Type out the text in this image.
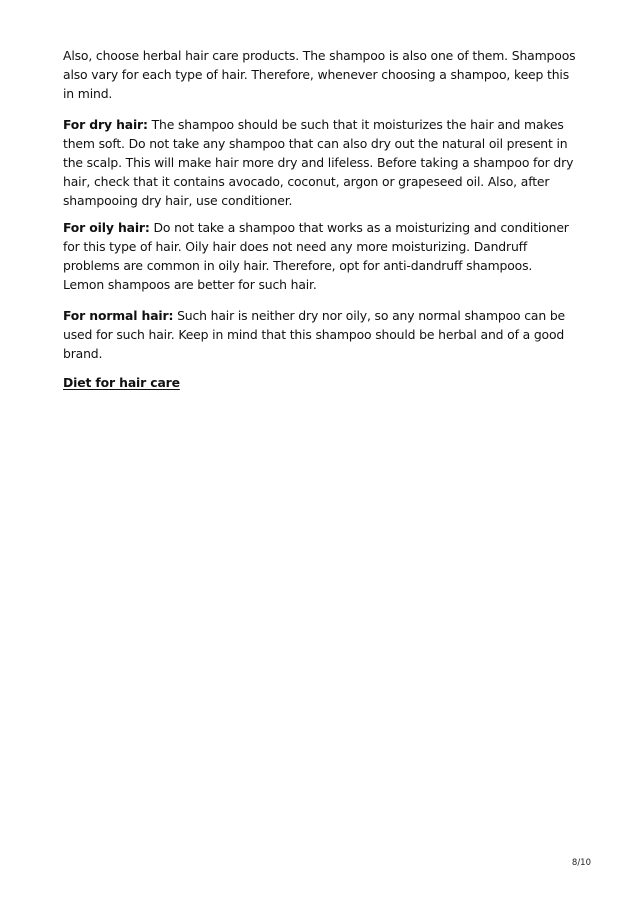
Also, choose herbal hair care products. The shampoo is also one of them. Shampoos also vary for each type of hair. Therefore, whenever choosing a shampoo, keep this in mind.

For dry hair: The shampoo should be such that it moisturizes the hair and makes them soft. Do not take any shampoo that can also dry out the natural oil present in the scalp. This will make hair more dry and lifeless. Before taking a shampoo for dry hair, check that it contains avocado, coconut, argon or grapeseed oil. Also, after shampooing dry hair, use conditioner.

For oily hair: Do not take a shampoo that works as a moisturizing and conditioner for this type of hair. Oily hair does not need any more moisturizing. Dandruff problems are common in oily hair. Therefore, opt for anti-dandruff shampoos. Lemon shampoos are better for such hair.

For normal hair: Such hair is neither dry nor oily, so any normal shampoo can be used for such hair. Keep in mind that this shampoo should be herbal and of a good brand.

Diet for hair care

8/10
